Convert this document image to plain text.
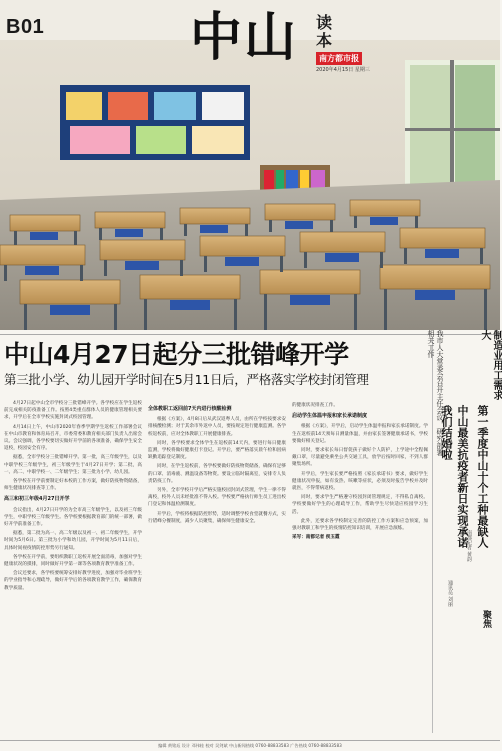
B01	中山 读本
南方都市报
2020年4月15日 星期三
中山4月27日起分三批错峰开学
第三批小学、幼儿园开学时间在5月11日后，严格落实学校封闭管理

4月27日起中山全市学校分三批错峰开学。各学校应在学生返校前完成相关防疫准备工作。按照4类重点群体人员的健康管理相关要求，开学后在全市学校实施封闭式校园管理。

4月14日上午，中山市2020年春季学期学生返校工作部署会议在中山市教育和体育局召开，市委常委和教育相关部门负责人出席会议。会议强调，各学校要切实做好开学前的各项准备，确保学生安全返校，校园安全有序。

据悉，全市学校分三批错峰开学。第一批，高三年级学生，以及中职学校三年级学生，初三年级学生于4月27日开学；第二批，高一、高二、中职学校一、二年级学生；第三批为小学、幼儿园。

各学校在开学前要制定好本校的工作方案，做好防疫物资储备，师生健康状况排查等工作。

高三和初三年级4月27日开学

会议指出，4月27日开学的为全市高三年级学生，以及初三年级学生，中职学校三年级学生。各学校要根据教育部门的统一部署，做好开学前准备工作。

据悉，第二批为高一、高二年级以及初一、初二年级学生，开学时间为5月6日。第三批为小学和幼儿园，开学时间为5月11日后，具体时间视疫情防控形势另行通知。

各学校在开学前，要组织教职工返校开展全面消毒，加强对学生健康状况的摸排，同时做好开学第一课等各项教育教学准备工作。

会议还要求，各学校要统筹安排好教学进度，加强对毕业班学生的学业指导和心理疏导，做好开学后的各项教育教学工作，确保教育教学质量。

全体教职工返回前7天内进行核酸检测

根据《方案》，4月8日后从武汉返粤人员，由所在学校按要求安排核酸检测；对于其余市外返中人员，要按规定进行健康监测。各学校返校前，应对全体教职工开展健康排查。

同时，各学校要求全体学生在返校前14天内，要进行每日健康监测，学校将做好健康打卡登记。开学后，要严格落实晨午检和因病缺勤追踪登记制度。

同时，在学生返校前，各学校要做好防疫物资储备，确保有足够的口罩、消毒液、测温设备等物资。要设立临时隔离室，安排专人负责防疫工作。

另外，全市学校开学后严格实施校园封闭式管理，学生一律不得离校，校外人员未经批准不得入校。学校要严格执行师生员工进出校门登记和体温检测制度。

开学后，学校将根据防控形势，适时调整学校食堂就餐方式，实行错峰分餐制度，减少人员聚集，确保师生健康安全。

的健康状况排查工作。

启动学生体温申报和家长承诺制度

根据《方案》，开学后，启动学生体温申报和家长承诺制度。学生在返校前14天须每日测量体温，并由家长签署健康承诺书，学校要做好相关登记。

同时，要求家长每日督促孩子做好个人防护，上学途中全程佩戴口罩，尽量避免乘坐公共交通工具，放学后按时回家，不到人群聚集场所。

开学后，学生家长要严格按照《家长承诺书》要求，做好学生健康状况申报，如有发热、咳嗽等症状，必须及时报告学校并及时就医，不得带病返校。

同时，要求学生严格遵守校园封闭管理规定，不得私自离校。学校要做好学生的心理疏导工作，帮助学生尽快适应校园学习生活。

此外，还要求各学校制定完善的防控工作方案和应急预案，加强对教职工和学生的疫情防控知识培训，开展应急演练。

采写：南都记者 侯玉霞

我市人大常委会召开主任会议，研究部署相关工作	制造业用工需求大
第一季度中山十个工种最缺人
我们结婚啦 中山最美抗疫者新日实现承诺
南都记者 黄韵
通讯员 刘丽
聚焦
编辑 黄铭珏 设计 邓伟桂 校对 吴剑斌 中山新闻热线 0760-88833583 广告热线 0760-88833583
